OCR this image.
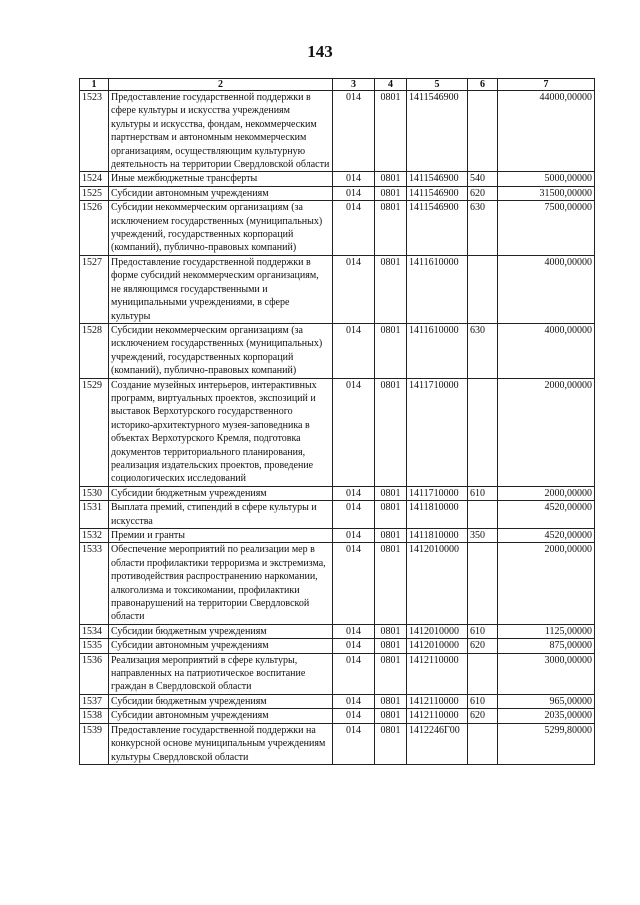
143
1	2	3	4	5	6	7
1523	Предоставление государственной поддержки в сфере культуры и искусства учреждениям культуры и искусства, фондам, некоммерческим партнерствам и автономным некоммерческим организациям, осуществляющим культурную деятельность на территории Свердловской области	014	0801	1411546900		44000,00000
1524	Иные межбюджетные трансферты	014	0801	1411546900	540	5000,00000
1525	Субсидии автономным учреждениям	014	0801	1411546900	620	31500,00000
1526	Субсидии некоммерческим организациям (за исключением государственных (муниципальных) учреждений, государственных корпораций (компаний), публично-правовых компаний)	014	0801	1411546900	630	7500,00000
1527	Предоставление государственной поддержки в форме субсидий некоммерческим организациям, не являющимся государственными и муниципальными учреждениями, в сфере культуры	014	0801	1411610000		4000,00000
1528	Субсидии некоммерческим организациям (за исключением государственных (муниципальных) учреждений, государственных корпораций (компаний), публично-правовых компаний)	014	0801	1411610000	630	4000,00000
1529	Создание музейных интерьеров, интерактивных программ, виртуальных проектов, экспозиций и выставок Верхотурского государственного историко-архитектурного музея-заповедника в объектах Верхотурского Кремля, подготовка документов территориального планирования, реализация издательских проектов, проведение социологических исследований	014	0801	1411710000		2000,00000
1530	Субсидии бюджетным учреждениям	014	0801	1411710000	610	2000,00000
1531	Выплата премий, стипендий в сфере культуры и искусства	014	0801	1411810000		4520,00000
1532	Премии и гранты	014	0801	1411810000	350	4520,00000
1533	Обеспечение мероприятий по реализации мер в области профилактики терроризма и экстремизма, противодействия распространению наркомании, алкоголизма и токсикомании, профилактики правонарушений на территории Свердловской области	014	0801	1412010000		2000,00000
1534	Субсидии бюджетным учреждениям	014	0801	1412010000	610	1125,00000
1535	Субсидии автономным учреждениям	014	0801	1412010000	620	875,00000
1536	Реализация мероприятий в сфере культуры, направленных на патриотическое воспитание граждан в Свердловской области	014	0801	1412110000		3000,00000
1537	Субсидии бюджетным учреждениям	014	0801	1412110000	610	965,00000
1538	Субсидии автономным учреждениям	014	0801	1412110000	620	2035,00000
1539	Предоставление государственной поддержки на конкурсной основе муниципальным учреждениям культуры Свердловской области	014	0801	1412246Г00		5299,80000
